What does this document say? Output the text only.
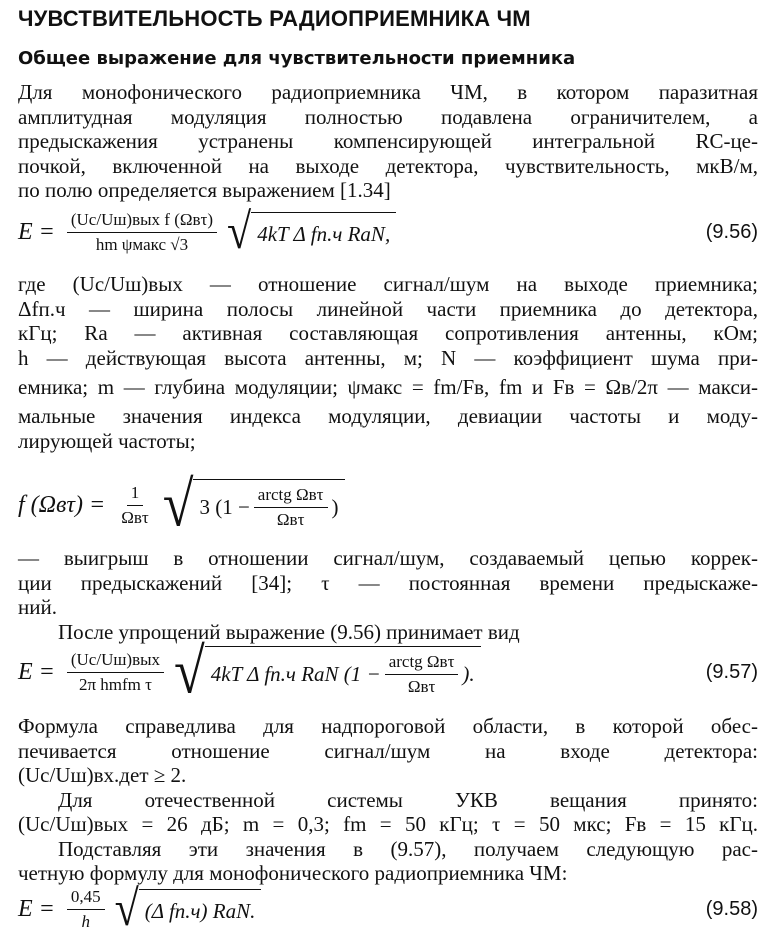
ЧУВСТВИТЕЛЬНОСТЬ РАДИОПРИЕМНИКА ЧМ
Общее выражение для чувствительности приемника
Для монофонического радиоприемника ЧМ, в котором паразитная
амплитудная модуляция полностью подавлена ограничителем, а
предыскажения устранены компенсирующей интегральной RC-це-
почкой, включенной на выходе детектора, чувствительность, мкВ/м,
по полю определяется выражением [1.34]
$E = \frac{\text{(Uс/Uш)вых f (Ωвτ)}}{\text{hm ψмакс √3}}$ √ 4kT Δ fп.ч RаN,	(9.56)
где (Uс/Uш)вых — отношение сигнал/шум на выходе приемника;
Δfп.ч — ширина полосы линейной части приемника до детектора,
кГц; Rа — активная составляющая сопротивления антенны, кОм;
h — действующая высота антенны, м; N — коэффициент шума при-
емника; m — глубина модуляции; ψмакс = fm/Fв, fm и Fв = Ωв/2π — макси-
мальные значения индекса модуляции, девиации частоты и моду-
лирующей частоты;
f $(\Omega в\tau) = \frac{1}{\text{Ωвτ}}$ √ 3 ($1 - \frac{\text{arctg Ωвτ}}{\text{Ωвτ}}$ )
— выигрыш в отношении сигнал/шум, создаваемый цепью коррек-
ции предыскажений [34]; τ — постоянная времени предыскаже-
ний.
После упрощений выражение (9.56) принимает вид
$E = \frac{\text{(Uс/Uш)вых}}{\text{2π hmfm τ}}$ √ 4kT Δ fп.ч RаN ($1 - \frac{\text{arctg Ωвτ}}{\text{Ωвτ}}$ ).	(9.57)
Формула справедлива для надпороговой области, в которой обес-
печивается отношение сигнал/шум на входе детектора:
(Uс/Uш)вх.дет ≥ 2.
Для отечественной системы УКВ вещания принято:
(Uс/Uш)вых = 26 дБ; m = 0,3; fm = 50 кГц; τ = 50 мкс; Fв = 15 кГц.
Подставляя эти значения в (9.57), получаем следующую рас-
четную формулу для монофонического радиоприемника ЧМ:
$E = \frac{0,45}{h}$ √ (Δ fп.ч) RаN.	(9.58)
